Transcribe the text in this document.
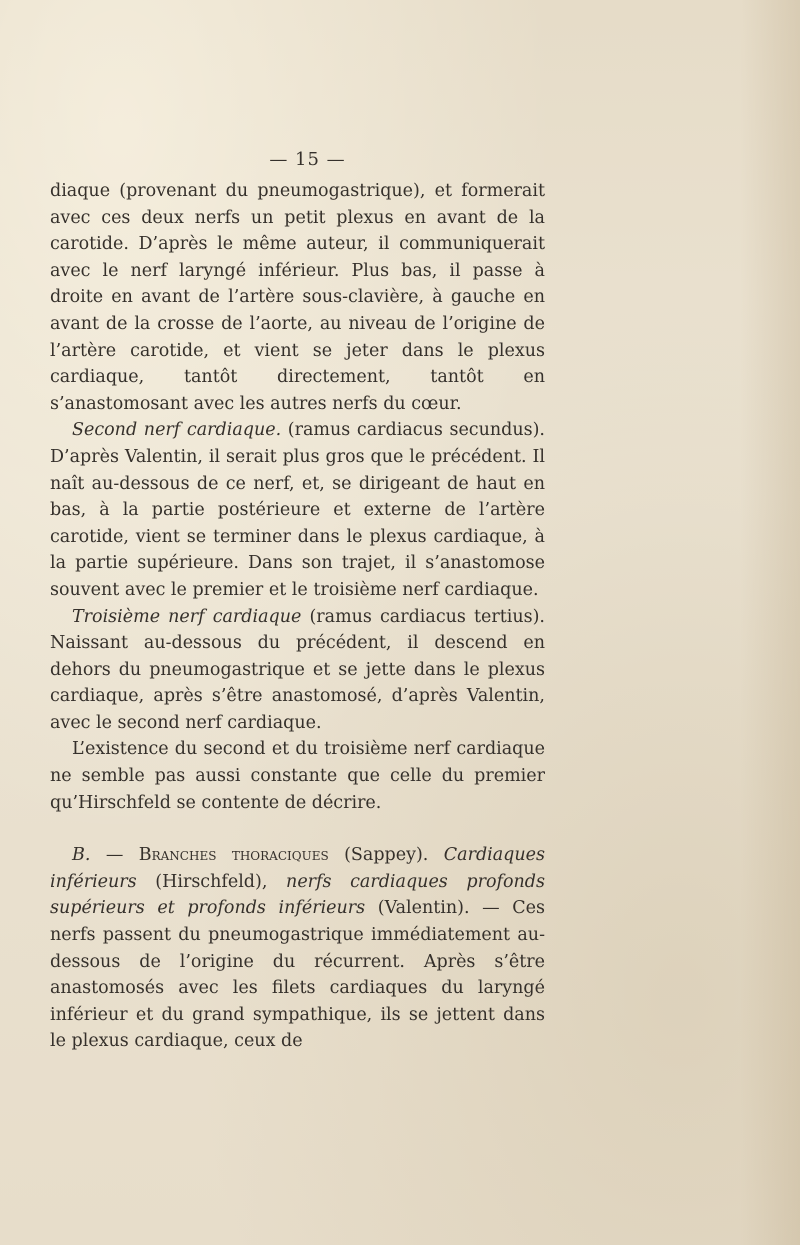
— 15 —

diaque (provenant du pneumogastrique), et formerait avec ces deux nerfs un petit plexus en avant de la carotide. D’après le même auteur, il communiquerait avec le nerf laryngé inférieur. Plus bas, il passe à droite en avant de l’artère sous-clavière, à gauche en avant de la crosse de l’aorte, au niveau de l’origine de l’artère carotide, et vient se jeter dans le plexus cardiaque, tantôt directement, tantôt en s’anastomosant avec les autres nerfs du cœur.

Second nerf cardiaque. (ramus cardiacus secundus). D’après Valentin, il serait plus gros que le précédent. Il naît au-dessous de ce nerf, et, se dirigeant de haut en bas, à la partie postérieure et externe de l’artère carotide, vient se terminer dans le plexus cardiaque, à la partie supérieure. Dans son trajet, il s’anastomose souvent avec le premier et le troisième nerf cardiaque.

Troisième nerf cardiaque (ramus cardiacus tertius). Naissant au-dessous du précédent, il descend en dehors du pneumogastrique et se jette dans le plexus cardiaque, après s’être anastomosé, d’après Valentin, avec le second nerf cardiaque.

L’existence du second et du troisième nerf cardiaque ne semble pas aussi constante que celle du premier qu’Hirschfeld se contente de décrire.

B. — Branches thoraciques (Sappey). Cardiaques inférieurs (Hirschfeld), nerfs cardiaques profonds supérieurs et profonds inférieurs (Valentin). — Ces nerfs passent du pneumogastrique immédiatement au-dessous de l’origine du récurrent. Après s’être anastomosés avec les filets cardiaques du laryngé inférieur et du grand sympathique, ils se jettent dans le plexus cardiaque, ceux de
